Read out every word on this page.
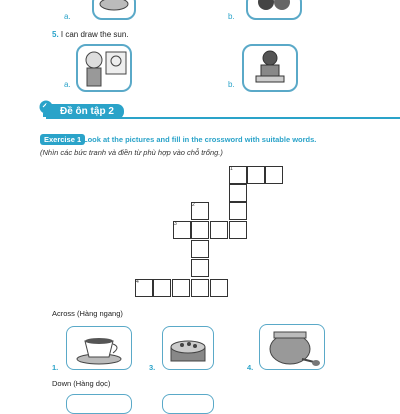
a.	b.
5. I can draw the sun.
a.	b.
Đề ôn tập 2
Exercise 1 Look at the pictures and fill in the crossword with suitable words.
(Nhìn các bức tranh và điền từ phù hợp vào chỗ trống.)
1
2
3
4
Across (Hàng ngang)
1.	3.	4.
Down (Hàng dọc)
